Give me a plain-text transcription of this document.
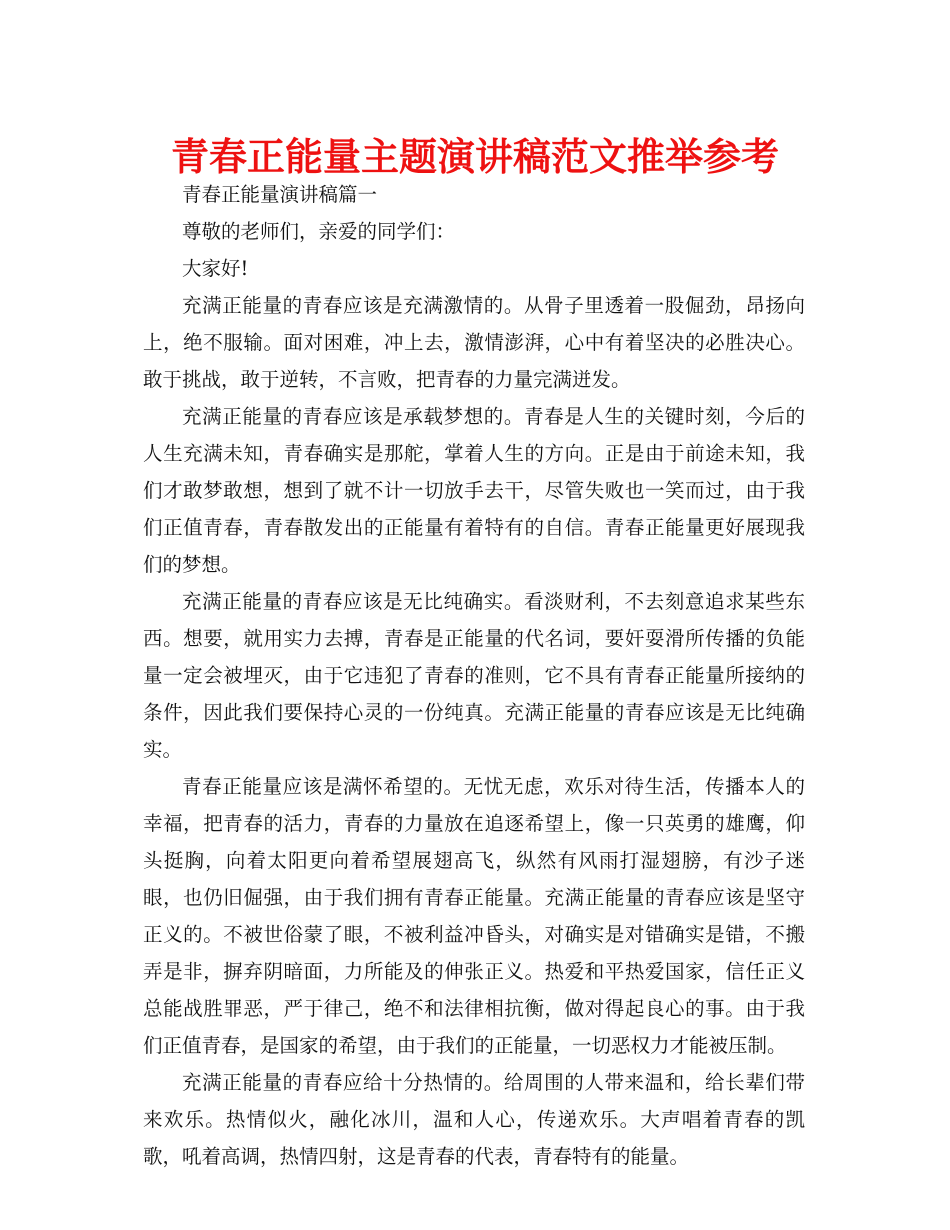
青春正能量主题演讲稿范文推举参考

青春正能量演讲稿篇一

尊敬的老师们，亲爱的同学们：

大家好!

充满正能量的青春应该是充满激情的。从骨子里透着一股倔劲，昂扬向上，绝不服输。面对困难，冲上去，激情澎湃，心中有着坚决的必胜决心。敢于挑战，敢于逆转，不言败，把青春的力量完满迸发。

充满正能量的青春应该是承载梦想的。青春是人生的关键时刻，今后的人生充满未知，青春确实是那舵，掌着人生的方向。正是由于前途未知，我们才敢梦敢想，想到了就不计一切放手去干，尽管失败也一笑而过，由于我们正值青春，青春散发出的正能量有着特有的自信。青春正能量更好展现我们的梦想。

充满正能量的青春应该是无比纯确实。看淡财利，不去刻意追求某些东西。想要，就用实力去搏，青春是正能量的代名词，要奸耍滑所传播的负能量一定会被埋灭，由于它违犯了青春的准则，它不具有青春正能量所接纳的条件，因此我们要保持心灵的一份纯真。充满正能量的青春应该是无比纯确实。

青春正能量应该是满怀希望的。无忧无虑，欢乐对待生活，传播本人的幸福，把青春的活力，青春的力量放在追逐希望上，像一只英勇的雄鹰，仰头挺胸，向着太阳更向着希望展翅高飞，纵然有风雨打湿翅膀，有沙子迷眼，也仍旧倔强，由于我们拥有青春正能量。充满正能量的青春应该是坚守正义的。不被世俗蒙了眼，不被利益冲昏头，对确实是对错确实是错，不搬弄是非，摒弃阴暗面，力所能及的伸张正义。热爱和平热爱国家，信任正义总能战胜罪恶，严于律己，绝不和法律相抗衡，做对得起良心的事。由于我们正值青春，是国家的希望，由于我们的正能量，一切恶权力才能被压制。

充满正能量的青春应给十分热情的。给周围的人带来温和，给长辈们带来欢乐。热情似火，融化冰川，温和人心，传递欢乐。大声唱着青春的凯歌，吼着高调，热情四射，这是青春的代表，青春特有的能量。
